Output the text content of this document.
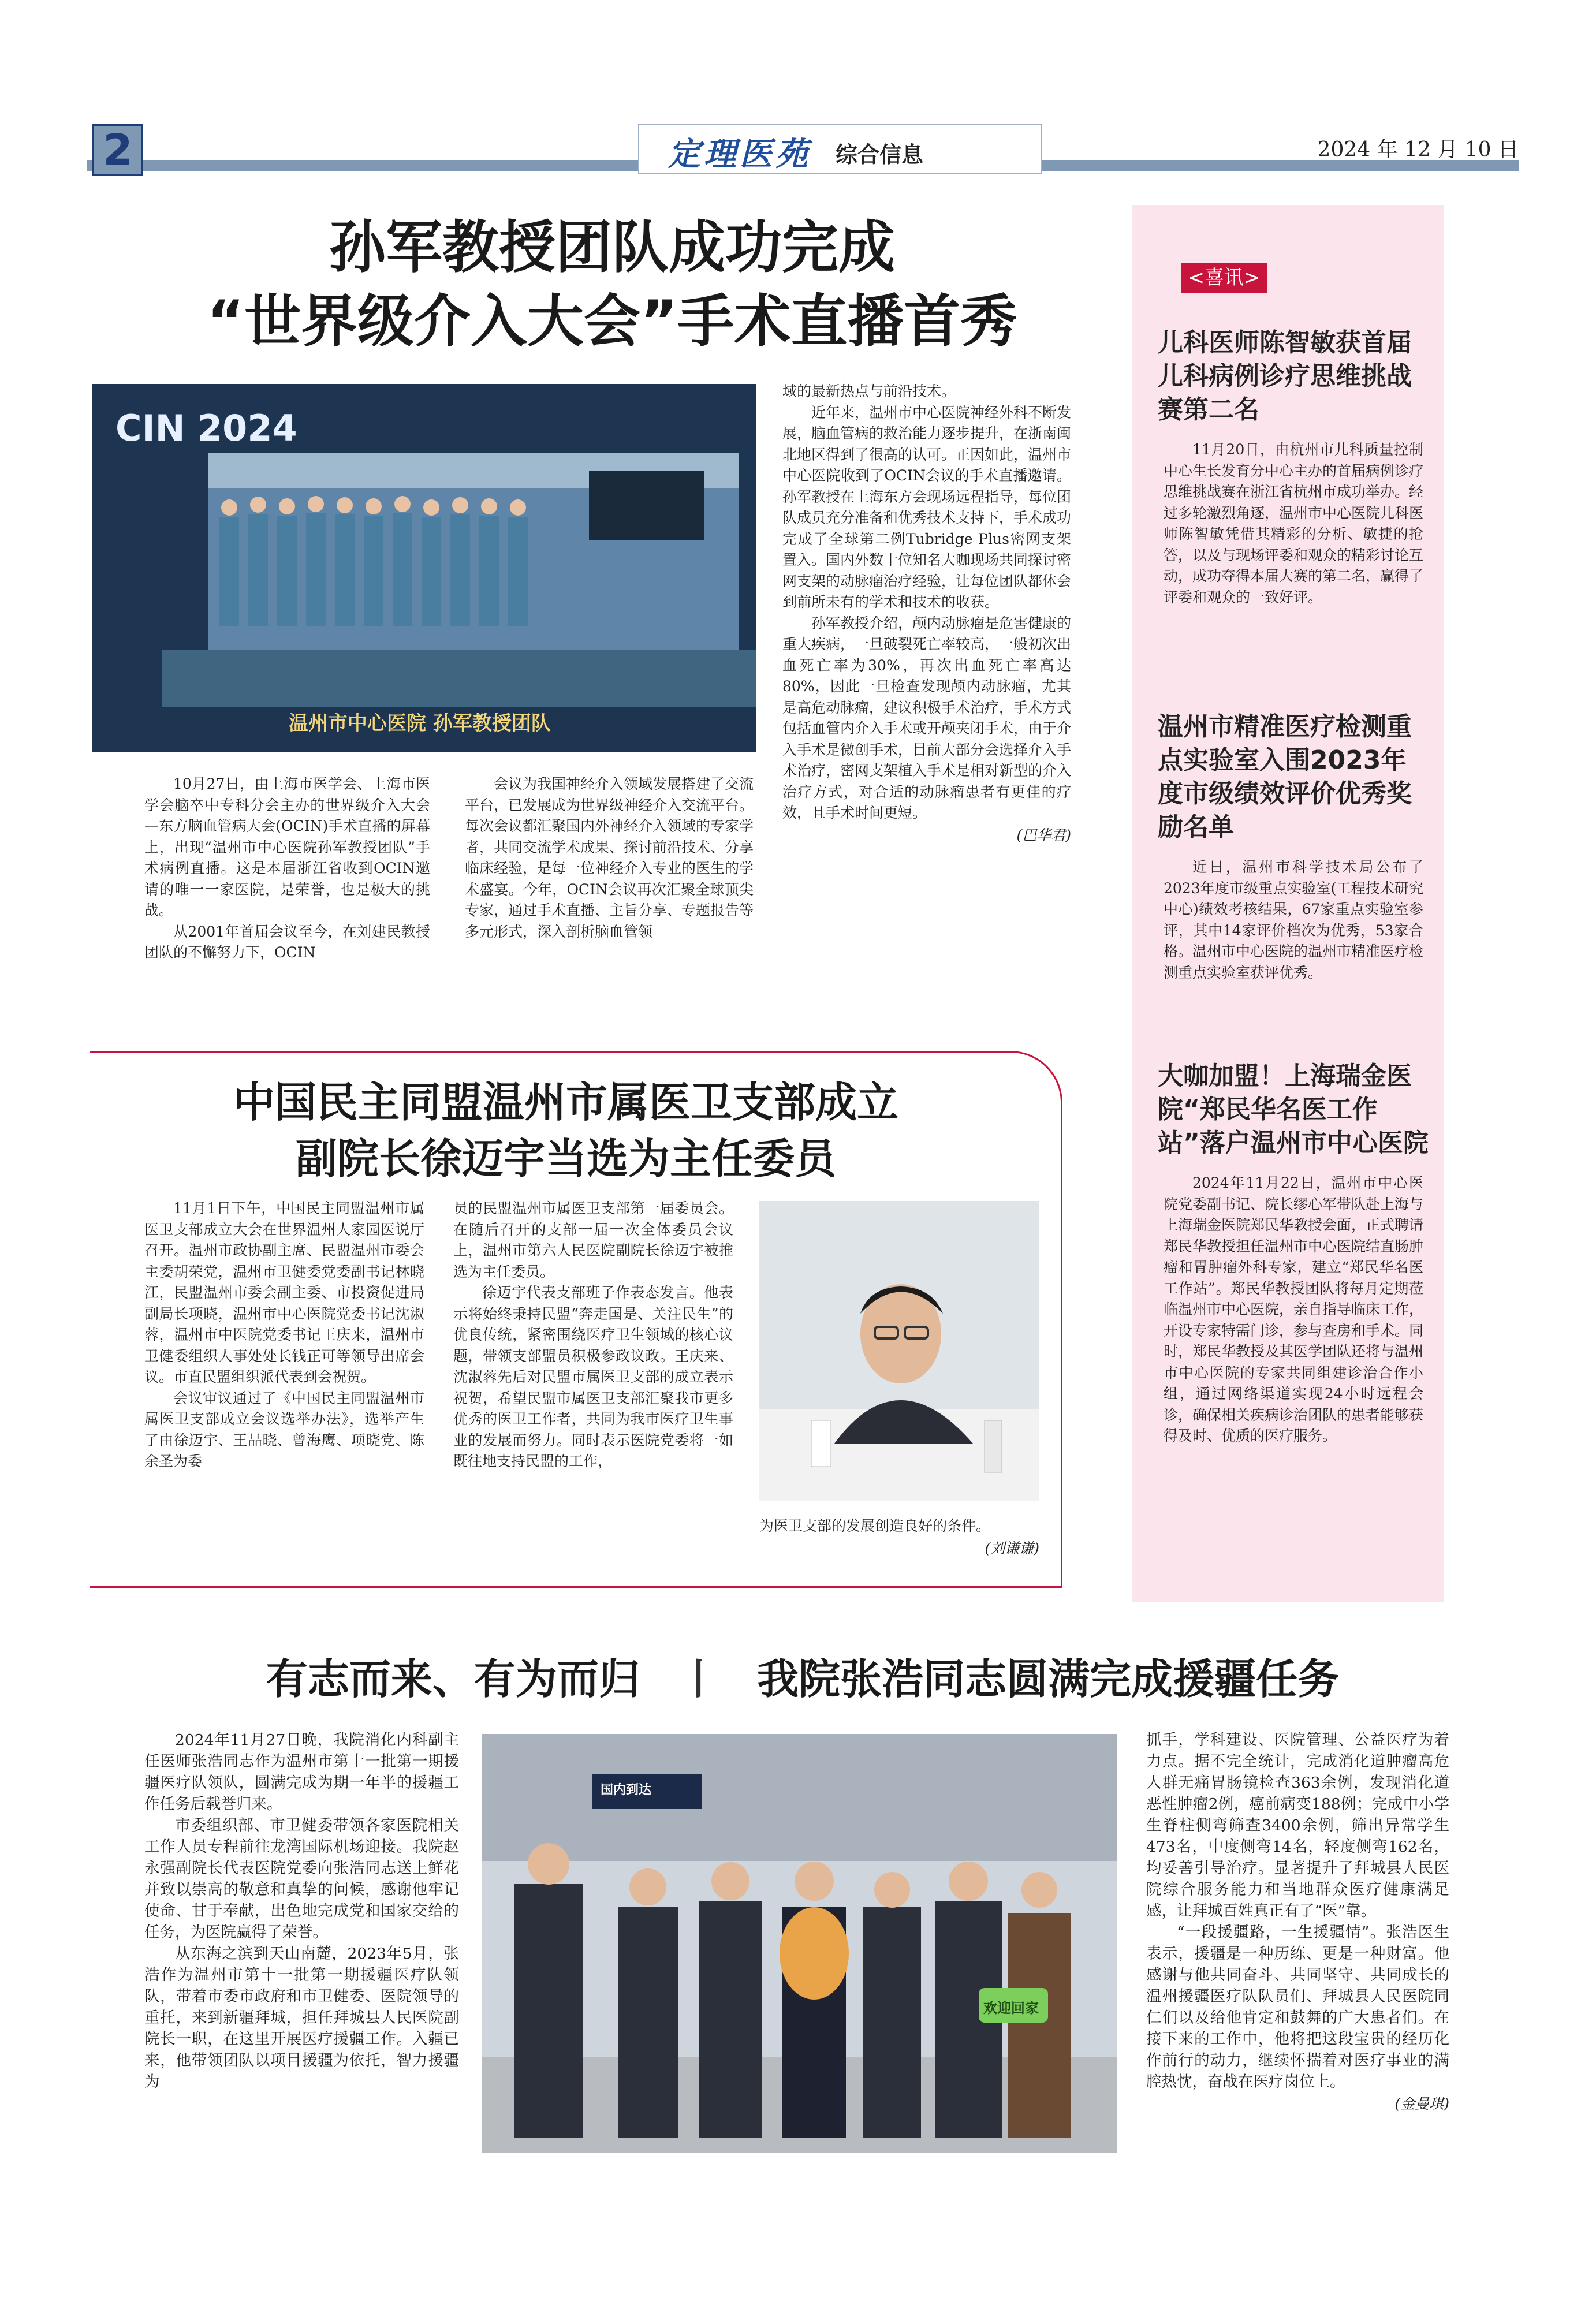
2	定理医苑 综合信息	2024 年 12 月 10 日
孙军教授团队成功完成
“世界级介入大会”手术直播首秀
CIN 2024
温州市中心医院 孙军教授团队

10月27日，由上海市医学会、上海市医学会脑卒中专科分会主办的世界级介入大会—东方脑血管病大会(OCIN)手术直播的屏幕上，出现“温州市中心医院孙军教授团队”手术病例直播。这是本届浙江省收到OCIN邀请的唯一一家医院，是荣誉，也是极大的挑战。

从2001年首届会议至今，在刘建民教授团队的不懈努力下，OCIN

会议为我国神经介入领域发展搭建了交流平台，已发展成为世界级神经介入交流平台。每次会议都汇聚国内外神经介入领域的专家学者，共同交流学术成果、探讨前沿技术、分享临床经验，是每一位神经介入专业的医生的学术盛宴。今年，OCIN会议再次汇聚全球顶尖专家，通过手术直播、主旨分享、专题报告等多元形式，深入剖析脑血管领

域的最新热点与前沿技术。

近年来，温州市中心医院神经外科不断发展，脑血管病的救治能力逐步提升，在浙南闽北地区得到了很高的认可。正因如此，温州市中心医院收到了OCIN会议的手术直播邀请。孙军教授在上海东方会现场远程指导，每位团队成员充分准备和优秀技术支持下，手术成功完成了全球第二例Tubridge Plus密网支架置入。国内外数十位知名大咖现场共同探讨密网支架的动脉瘤治疗经验，让每位团队都体会到前所未有的学术和技术的收获。

孙军教授介绍，颅内动脉瘤是危害健康的重大疾病，一旦破裂死亡率较高，一般初次出血死亡率为30%，再次出血死亡率高达80%，因此一旦检查发现颅内动脉瘤，尤其是高危动脉瘤，建议积极手术治疗，手术方式包括血管内介入手术或开颅夹闭手术，由于介入手术是微创手术，目前大部分会选择介入手术治疗，密网支架植入手术是相对新型的介入治疗方式，对合适的动脉瘤患者有更佳的疗效，且手术时间更短。

(巴华君)
中国民主同盟温州市属医卫支部成立
副院长徐迈宇当选为主任委员

11月1日下午，中国民主同盟温州市属医卫支部成立大会在世界温州人家园医说厅召开。温州市政协副主席、民盟温州市委会主委胡荣党，温州市卫健委党委副书记林晓江，民盟温州市委会副主委、市投资促进局副局长项晓，温州市中心医院党委书记沈淑蓉，温州市中医院党委书记王庆来，温州市卫健委组织人事处处长钱正可等领导出席会议。市直民盟组织派代表到会祝贺。

会议审议通过了《中国民主同盟温州市属医卫支部成立会议选举办法》，选举产生了由徐迈宇、王品晓、曾海鹰、项晓党、陈余圣为委

员的民盟温州市属医卫支部第一届委员会。在随后召开的支部一届一次全体委员会议上，温州市第六人民医院副院长徐迈宇被推选为主任委员。

徐迈宇代表支部班子作表态发言。他表示将始终秉持民盟“奔走国是、关注民生”的优良传统，紧密围绕医疗卫生领域的核心议题，带领支部盟员积极参政议政。王庆来、沈淑蓉先后对民盟市属医卫支部的成立表示祝贺，希望民盟市属医卫支部汇聚我市更多优秀的医卫工作者，共同为我市医疗卫生事业的发展而努力。同时表示医院党委将一如既往地支持民盟的工作，

为医卫支部的发展创造良好的条件。

(刘谦谦)
<喜讯>
儿科医师陈智敏获首届儿科病例诊疗思维挑战赛第二名

11月20日，由杭州市儿科质量控制中心生长发育分中心主办的首届病例诊疗思维挑战赛在浙江省杭州市成功举办。经过多轮激烈角逐，温州市中心医院儿科医师陈智敏凭借其精彩的分析、敏捷的抢答，以及与现场评委和观众的精彩讨论互动，成功夺得本届大赛的第二名，赢得了评委和观众的一致好评。

温州市精准医疗检测重点实验室入围2023年度市级绩效评价优秀奖励名单

近日，温州市科学技术局公布了2023年度市级重点实验室(工程技术研究中心)绩效考核结果，67家重点实验室参评，其中14家评价档次为优秀，53家合格。温州市中心医院的温州市精准医疗检测重点实验室获评优秀。

大咖加盟！上海瑞金医院“郑民华名医工作站”落户温州市中心医院

2024年11月22日，温州市中心医院党委副书记、院长缪心军带队赴上海与上海瑞金医院郑民华教授会面，正式聘请郑民华教授担任温州市中心医院结直肠肿瘤和胃肿瘤外科专家，建立“郑民华名医工作站”。郑民华教授团队将每月定期莅临温州市中心医院，亲自指导临床工作，开设专家特需门诊，参与查房和手术。同时，郑民华教授及其医学团队还将与温州市中心医院的专家共同组建诊治合作小组，通过网络渠道实现24小时远程会诊，确保相关疾病诊治团队的患者能够获得及时、优质的医疗服务。

有志而来、有为而归 丨 我院张浩同志圆满完成援疆任务

2024年11月27日晚，我院消化内科副主任医师张浩同志作为温州市第十一批第一期援疆医疗队领队，圆满完成为期一年半的援疆工作任务后载誉归来。

市委组织部、市卫健委带领各家医院相关工作人员专程前往龙湾国际机场迎接。我院赵永强副院长代表医院党委向张浩同志送上鲜花并致以崇高的敬意和真挚的问候，感谢他牢记使命、甘于奉献，出色地完成党和国家交给的任务，为医院赢得了荣誉。

从东海之滨到天山南麓，2023年5月，张浩作为温州市第十一批第一期援疆医疗队领队，带着市委市政府和市卫健委、医院领导的重托，来到新疆拜城，担任拜城县人民医院副院长一职，在这里开展医疗援疆工作。入疆已来，他带领团队以项目援疆为依托，智力援疆为

国内到达
欢迎回家

抓手，学科建设、医院管理、公益医疗为着力点。据不完全统计，完成消化道肿瘤高危人群无痛胃肠镜检查363余例，发现消化道恶性肿瘤2例，癌前病变188例；完成中小学生脊柱侧弯筛查3400余例，筛出异常学生473名，中度侧弯14名，轻度侧弯162名，均妥善引导治疗。显著提升了拜城县人民医院综合服务能力和当地群众医疗健康满足感，让拜城百姓真正有了“医”靠。

“一段援疆路，一生援疆情”。张浩医生表示，援疆是一种历练、更是一种财富。他感谢与他共同奋斗、共同坚守、共同成长的温州援疆医疗队队员们、拜城县人民医院同仁们以及给他肯定和鼓舞的广大患者们。在接下来的工作中，他将把这段宝贵的经历化作前行的动力，继续怀揣着对医疗事业的满腔热忱，奋战在医疗岗位上。

(金曼琪)
